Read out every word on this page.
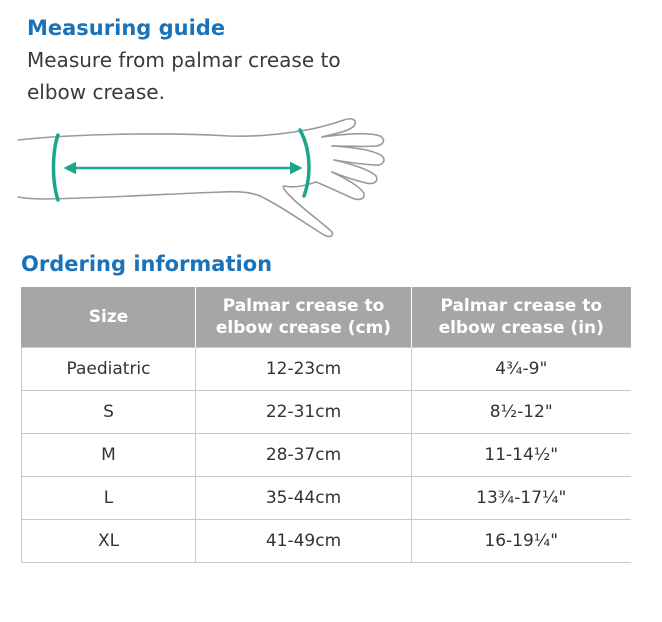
Measuring guide

Measure from palmar crease to elbow crease.

Ordering information
Size	Palmar crease to elbow crease (cm)	Palmar crease to elbow crease (in)
Paediatric	12-23cm	4¾-9"
S	22-31cm	8½-12"
M	28-37cm	11-14½"
L	35-44cm	13¾-17¼"
XL	41-49cm	16-19¼"
